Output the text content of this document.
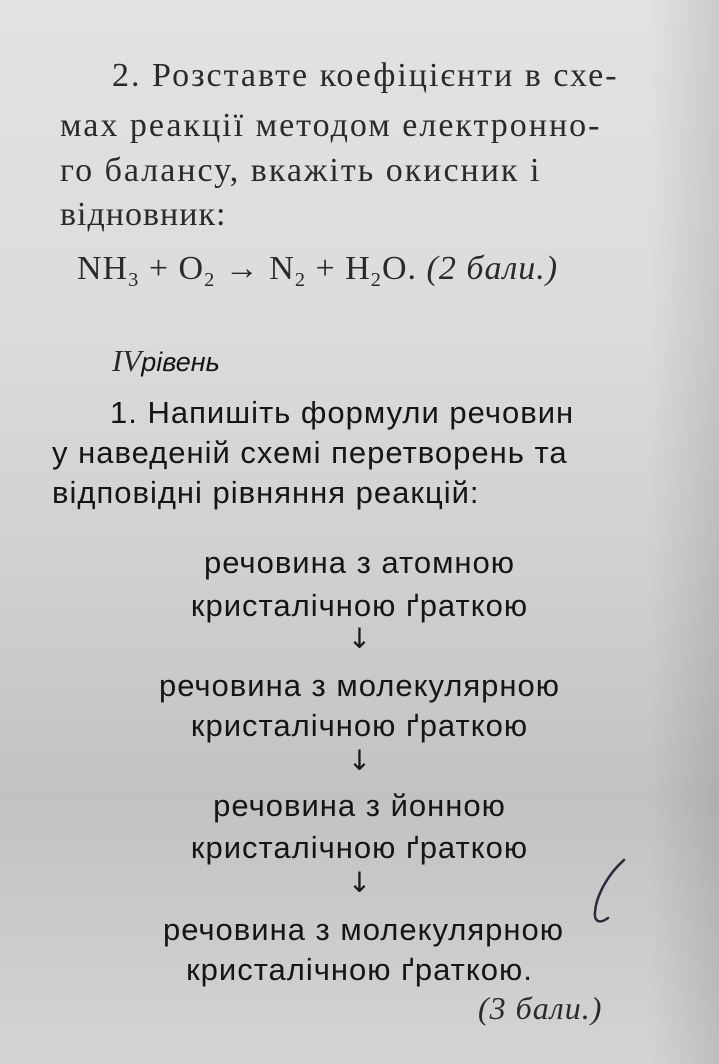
2. Розставте коефіцієнти в схе-
мах реакції методом електронно-
го балансу, вкажіть окисник і
відновник:
$NH_3 + O_2 \to N_2 + H_2O$. (2 бали.)
IVрівень
1. Напишіть формули речовин
у наведеній схемі перетворень та
відповідні рівняння реакцій:
речовина з атомною
кристалічною ґраткою
↓
речовина з молекулярною
кристалічною ґраткою
↓
речовина з йонною
кристалічною ґраткою
↓
речовина з молекулярною
кристалічною ґраткою.
(3 бали.)
